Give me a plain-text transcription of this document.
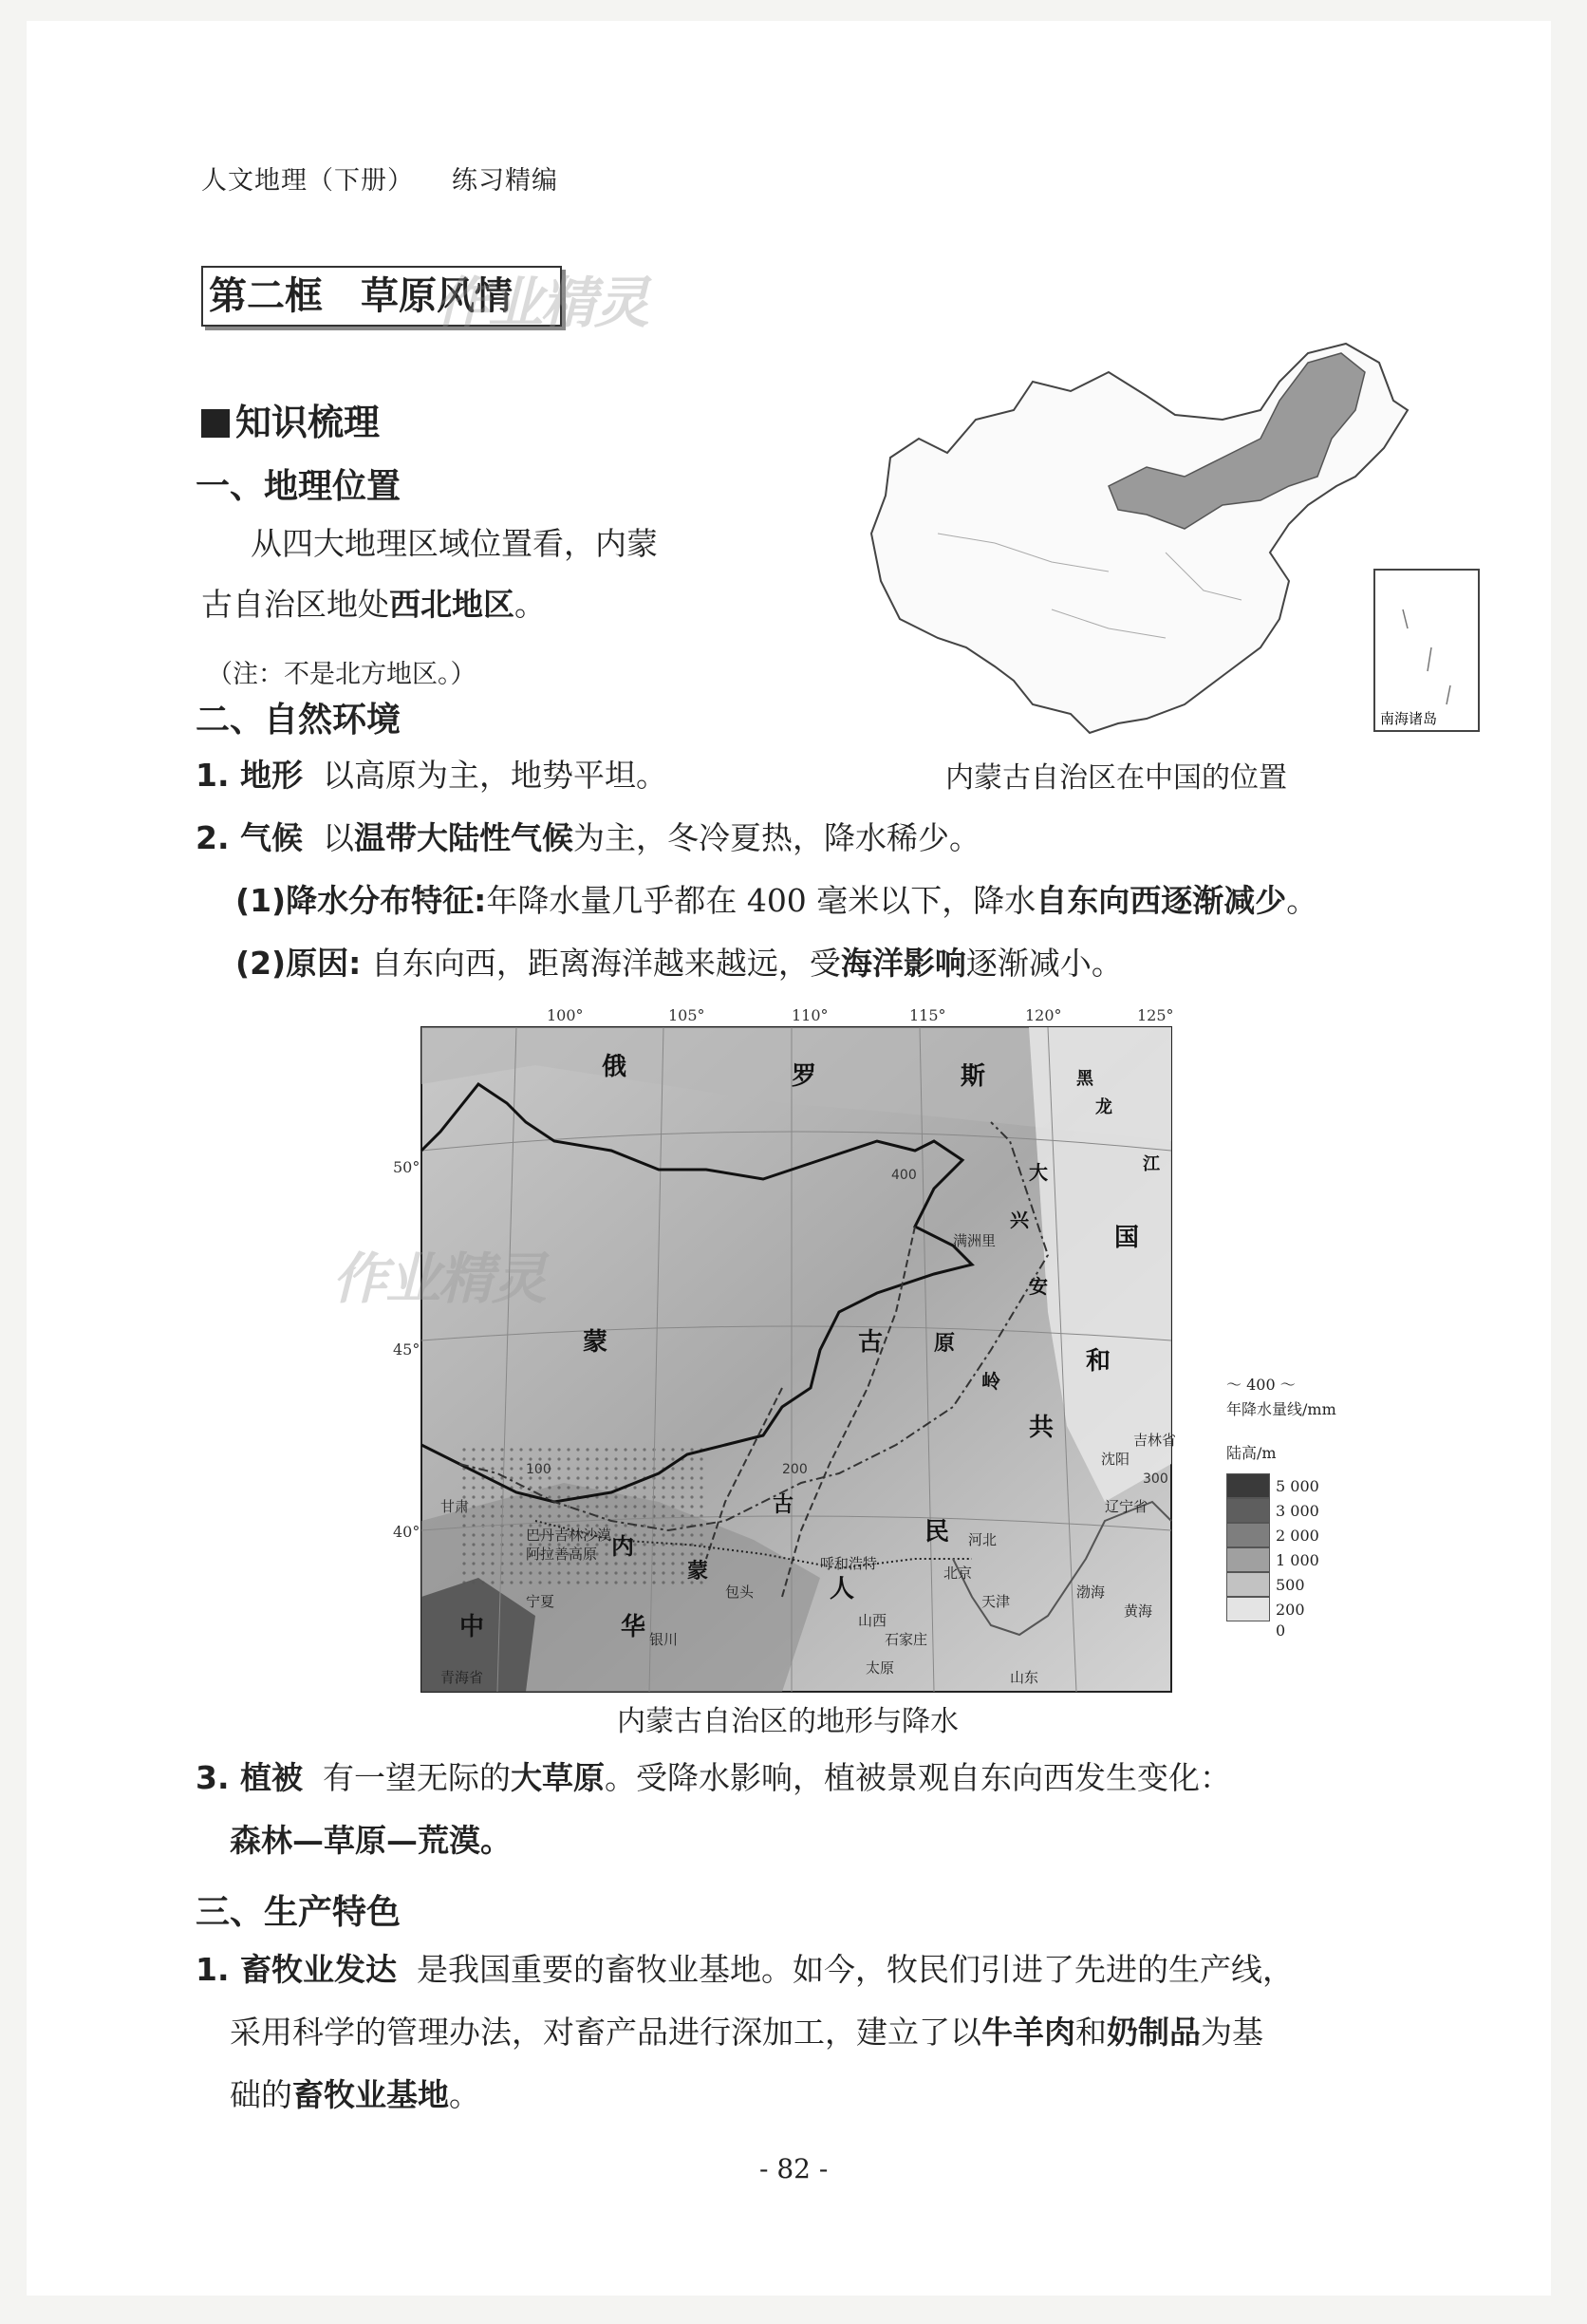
人文地理（下册） 练习精编
第二框　草原风情
作业精灵
知识梳理
一、地理位置
从四大地理区域位置看，内蒙
古自治区地处西北地区。
（注：不是北方地区。）
南海诸岛
内蒙古自治区在中国的位置
二、自然环境
1. 地形 以高原为主，地势平坦。
2. 气候 以温带大陆性气候为主，冬冷夏热，降水稀少。
(1)降水分布特征:年降水量几乎都在 400 毫米以下，降水自东向西逐渐减少。
(2)原因: 自东向西，距离海洋越来越远，受海洋影响逐渐减小。
100°	105°	110°	115°	120°	125°
50°
45°
40°
俄	罗	斯
蒙	古
内
蒙
古
原
大
兴
安
岭
黑
龙
江
中	华
人
民
共
和
国
满洲里
沈阳
北京
天津
呼和浩特
石家庄
太原
银川
包头
辽宁省
吉林省
河北
山西
甘肃
宁夏
青海省	山东
渤海
黄海
阿拉善高原
巴丹吉林沙漠
400
200
100
300
〜 400 〜
年降水量线/mm
陆高/m
5 000
3 000
2 000
1 000
500
200
0
作业精灵
内蒙古自治区的地形与降水
3. 植被 有一望无际的大草原。受降水影响，植被景观自东向西发生变化：
森林—草原—荒漠。
三、生产特色
1. 畜牧业发达 是我国重要的畜牧业基地。如今，牧民们引进了先进的生产线，
采用科学的管理办法，对畜产品进行深加工，建立了以牛羊肉和奶制品为基
础的畜牧业基地。
- 82 -
